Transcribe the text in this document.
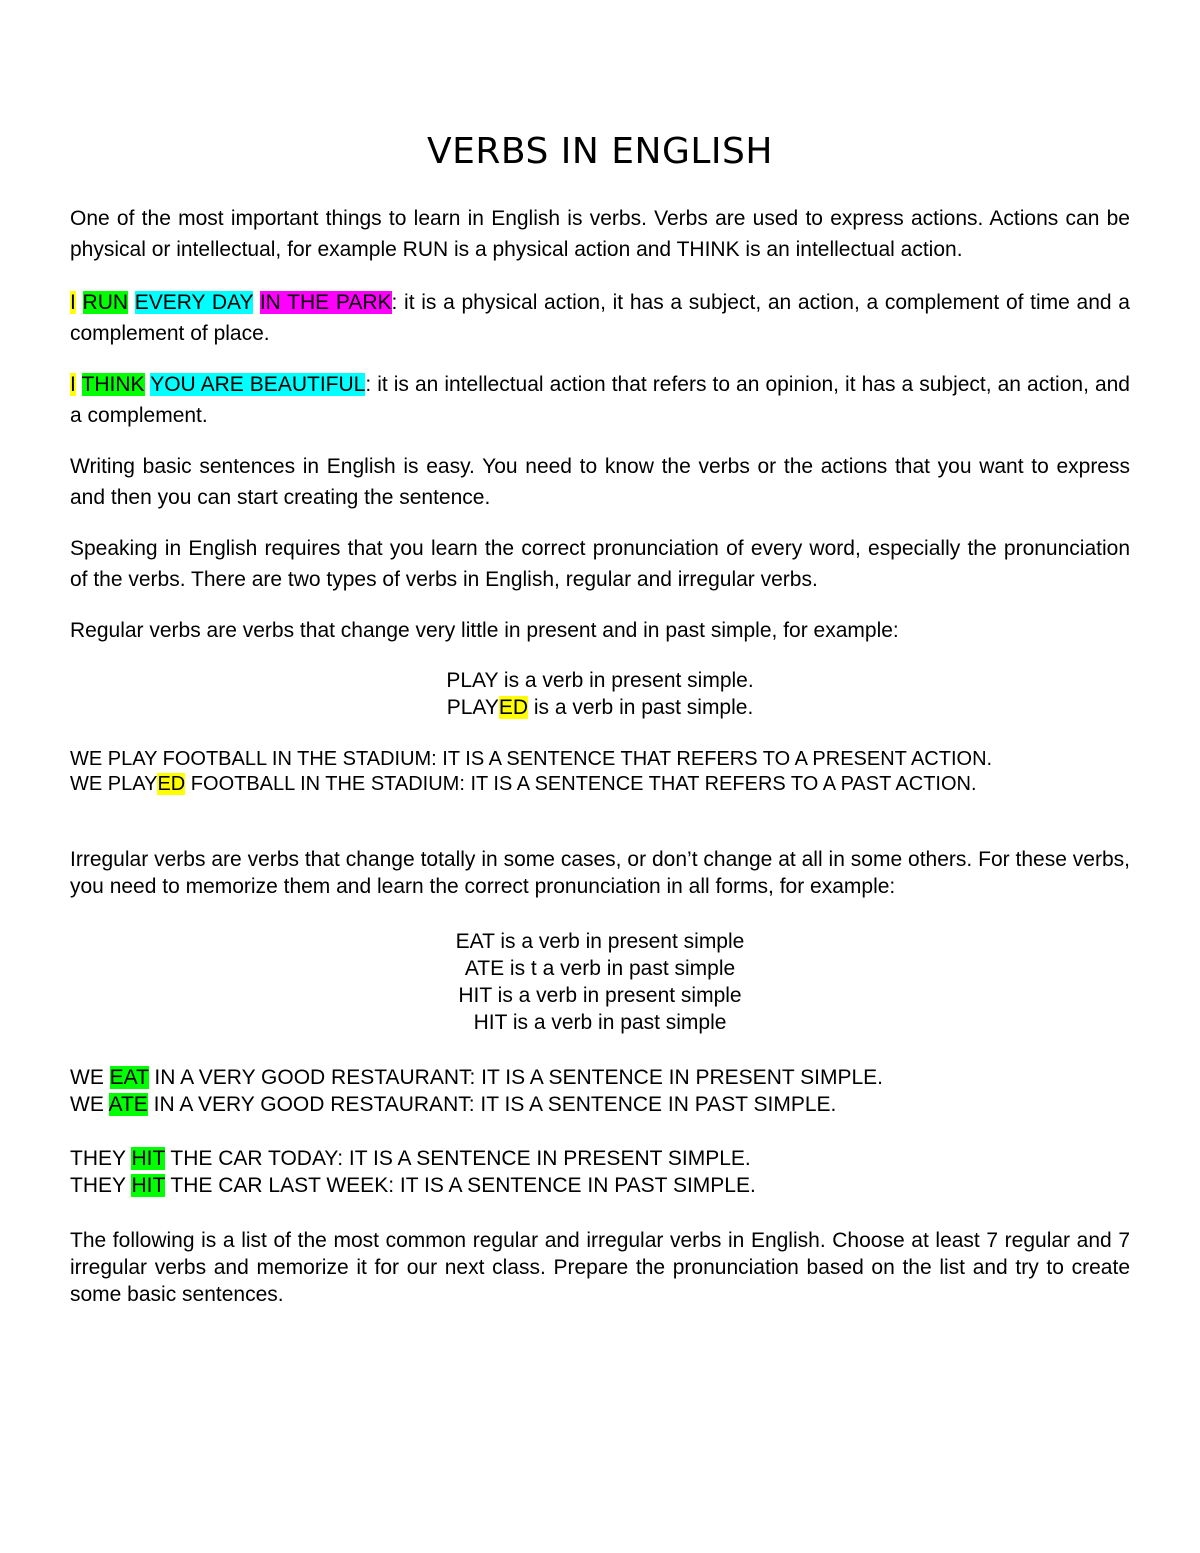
VERBS IN ENGLISH

One of the most important things to learn in English is verbs. Verbs are used to express actions. Actions can be physical or intellectual, for example RUN is a physical action and THINK is an intellectual action.

I RUN EVERY DAY IN THE PARK: it is a physical action, it has a subject, an action, a complement of time and a complement of place.

I THINK YOU ARE BEAUTIFUL: it is an intellectual action that refers to an opinion, it has a subject, an action, and a complement.

Writing basic sentences in English is easy. You need to know the verbs or the actions that you want to express and then you can start creating the sentence.

Speaking in English requires that you learn the correct pronunciation of every word, especially the pronunciation of the verbs. There are two types of verbs in English, regular and irregular verbs.

Regular verbs are verbs that change very little in present and in past simple, for example:

PLAY is a verb in present simple.
PLAYED is a verb in past simple.
WE PLAY FOOTBALL IN THE STADIUM: IT IS A SENTENCE THAT REFERS TO A PRESENT ACTION.
WE PLAYED FOOTBALL IN THE STADIUM: IT IS A SENTENCE THAT REFERS TO A PAST ACTION.

Irregular verbs are verbs that change totally in some cases, or don’t change at all in some others. For these verbs, you need to memorize them and learn the correct pronunciation in all forms, for example:

EAT is a verb in present simple
ATE is t a verb in past simple
HIT is a verb in present simple
HIT is a verb in past simple
WE EAT IN A VERY GOOD RESTAURANT: IT IS A SENTENCE IN PRESENT SIMPLE.
WE ATE IN A VERY GOOD RESTAURANT: IT IS A SENTENCE IN PAST SIMPLE.
THEY HIT THE CAR TODAY: IT IS A SENTENCE IN PRESENT SIMPLE.
THEY HIT THE CAR LAST WEEK: IT IS A SENTENCE IN PAST SIMPLE.

The following is a list of the most common regular and irregular verbs in English. Choose at least 7 regular and 7 irregular verbs and memorize it for our next class. Prepare the pronunciation based on the list and try to create some basic sentences.
